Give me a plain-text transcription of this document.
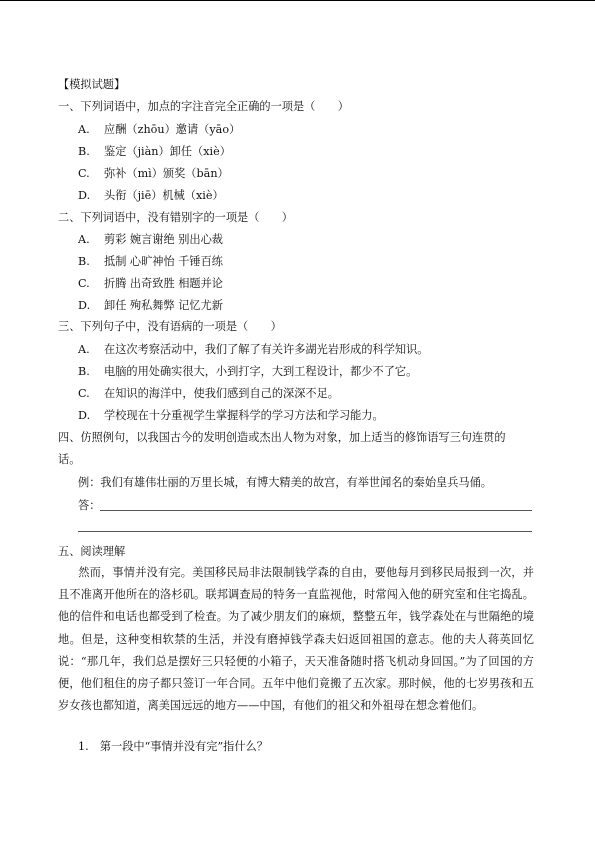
【模拟试题】
一、下列词语中，加点的字注音完全正确的一项是（　　）
A. 应酬（zhōu）邀请（yāo）
B. 鉴定（jiàn）卸任（xiè）
C. 弥补（mì）颁奖（bān）
D. 头衔（jiē）机械（xiè）
二、下列词语中，没有错别字的一项是（　　）
A. 剪彩 婉言谢绝 别出心裁
B. 抵制 心旷神怡 千锤百练
C. 折腾 出奇致胜 相题并论
D. 卸任 殉私舞弊 记忆尤新
三、下列句子中，没有语病的一项是（　　）
A. 在这次考察活动中，我们了解了有关许多湖光岩形成的科学知识。
B. 电脑的用处确实很大，小到打字，大到工程设计，都少不了它。
C. 在知识的海洋中，使我们感到自己的深深不足。
D. 学校现在十分重视学生掌握科学的学习方法和学习能力。
四、仿照例句，以我国古今的发明创造或杰出人物为对象，加上适当的修饰语写三句连贯的
话。
例：我们有雄伟壮丽的万里长城，有博大精美的故宫，有举世闻名的秦始皇兵马俑。
答：
五、阅读理解
然而，事情并没有完。美国移民局非法限制钱学森的自由，要他每月到移民局报到一次，并且不准离开他所在的洛杉矶。联邦调查局的特务一直监视他，时常闯入他的研究室和住宅捣乱。他的信件和电话也都受到了检查。为了减少朋友们的麻烦，整整五年，钱学森处在与世隔绝的境地。但是，这种变相软禁的生活，并没有磨掉钱学森夫妇返回祖国的意志。他的夫人蒋英回忆说：“那几年，我们总是摆好三只轻便的小箱子，天天准备随时搭飞机动身回国。”为了回国的方便，他们租住的房子都只签订一年合同。五年中他们竟搬了五次家。那时候，他的七岁男孩和五岁女孩也都知道，离美国远远的地方——中国，有他们的祖父和外祖母在想念着他们。
1.　第一段中“事情并没有完”指什么？
